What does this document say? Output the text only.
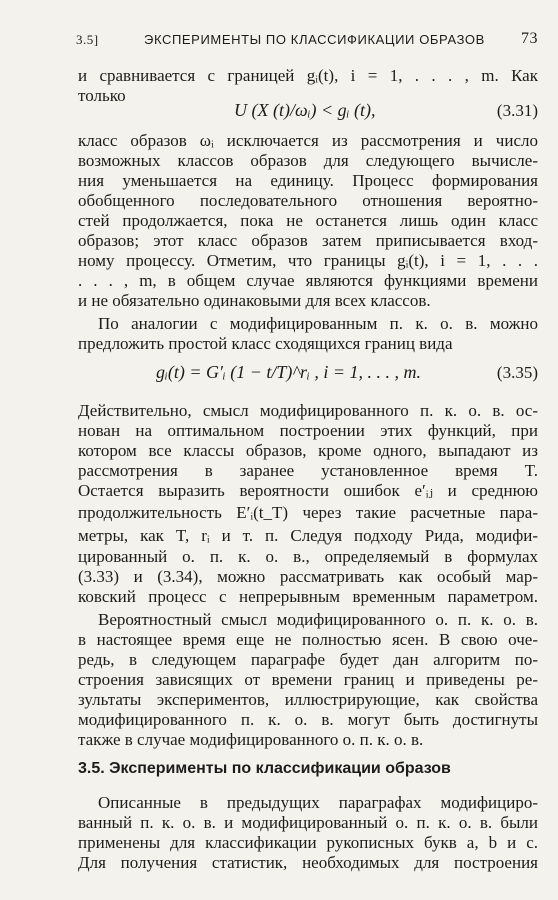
3.5]	ЭКСПЕРИМЕНТЫ ПО КЛАССИФИКАЦИИ ОБРАЗОВ 73
и сравнивается с границей gᵢ(t), i = 1, . . . , m. Как
только
U (X (t)/ωᵢ) < gᵢ (t),	(3.31)
класс образов ωᵢ исключается из рассмотрения и число
возможных классов образов для следующего вычисле-
ния уменьшается на единицу. Процесс формирования
обобщенного последовательного отношения вероятно-
стей продолжается, пока не останется лишь один класс
образов; этот класс образов затем приписывается вход-
ному процессу. Отметим, что границы gᵢ(t), i = 1, . . .
. . . , m, в общем случае являются функциями времени
и не обязательно одинаковыми для всех классов.
По аналогии с модифицированным п. к. о. в. можно
предложить простой класс сходящихся границ вида
gᵢ(t) = G′ᵢ (1 − t/T)^rᵢ , i = 1, . . . , m.	(3.35)
Действительно, смысл модифицированного п. к. о. в. ос-
нован на оптимальном построении этих функций, при
котором все классы образов, кроме одного, выпадают из
рассмотрения в заранее установленное время T.
Остается выразить вероятности ошибок e′ᵢⱼ и среднюю
продолжительность E′ᵢ(t_T) через такие расчетные пара-
метры, как T, rᵢ и т. п. Следуя подходу Рида, модифи-
цированный о. п. к. о. в., определяемый в формулах
(3.33) и (3.34), можно рассматривать как особый мар-
ковский процесс с непрерывным временным параметром.
Вероятностный смысл модифицированного о. п. к. о. в.
в настоящее время еще не полностью ясен. В свою оче-
редь, в следующем параграфе будет дан алгоритм по-
строения зависящих от времени границ и приведены ре-
зультаты экспериментов, иллюстрирующие, как свойства
модифицированного п. к. о. в. могут быть достигнуты
также в случае модифицированного о. п. к. о. в.
3.5. Эксперименты по классификации образов
Описанные в предыдущих параграфах модифициро-
ванный п. к. о. в. и модифицированный о. п. к. о. в. были
применены для классификации рукописных букв a, b и c.
Для получения статистик, необходимых для построения
